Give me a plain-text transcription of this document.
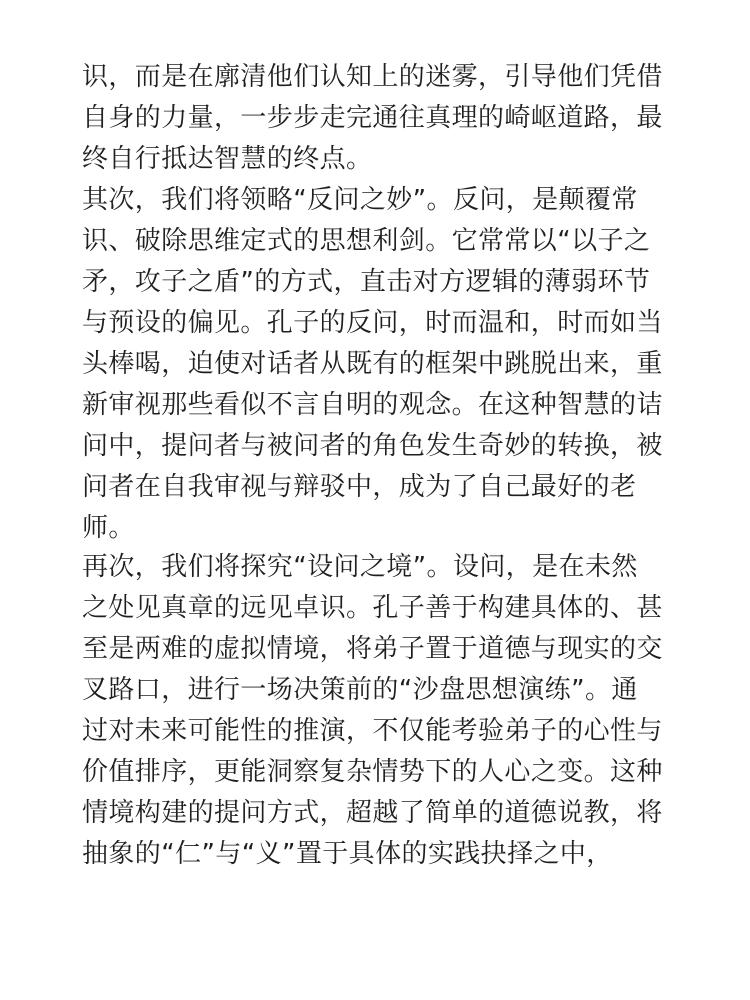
识，而是在廓清他们认知上的迷雾，引导他们凭借
自身的力量，一步步走完通往真理的崎岖道路，最
终自行抵达智慧的终点。
其次，我们将领略“反问之妙”。反问，是颠覆常
识、破除思维定式的思想利剑。它常常以“以子之
矛，攻子之盾”的方式，直击对方逻辑的薄弱环节
与预设的偏见。孔子的反问，时而温和，时而如当
头棒喝，迫使对话者从既有的框架中跳脱出来，重
新审视那些看似不言自明的观念。在这种智慧的诘
问中，提问者与被问者的角色发生奇妙的转换，被
问者在自我审视与辩驳中，成为了自己最好的老
师。
再次，我们将探究“设问之境”。设问，是在未然
之处见真章的远见卓识。孔子善于构建具体的、甚
至是两难的虚拟情境，将弟子置于道德与现实的交
叉路口，进行一场决策前的“沙盘思想演练”。通
过对未来可能性的推演，不仅能考验弟子的心性与
价值排序，更能洞察复杂情势下的人心之变。这种
情境构建的提问方式，超越了简单的道德说教，将
抽象的“仁”与“义”置于具体的实践抉择之中，
